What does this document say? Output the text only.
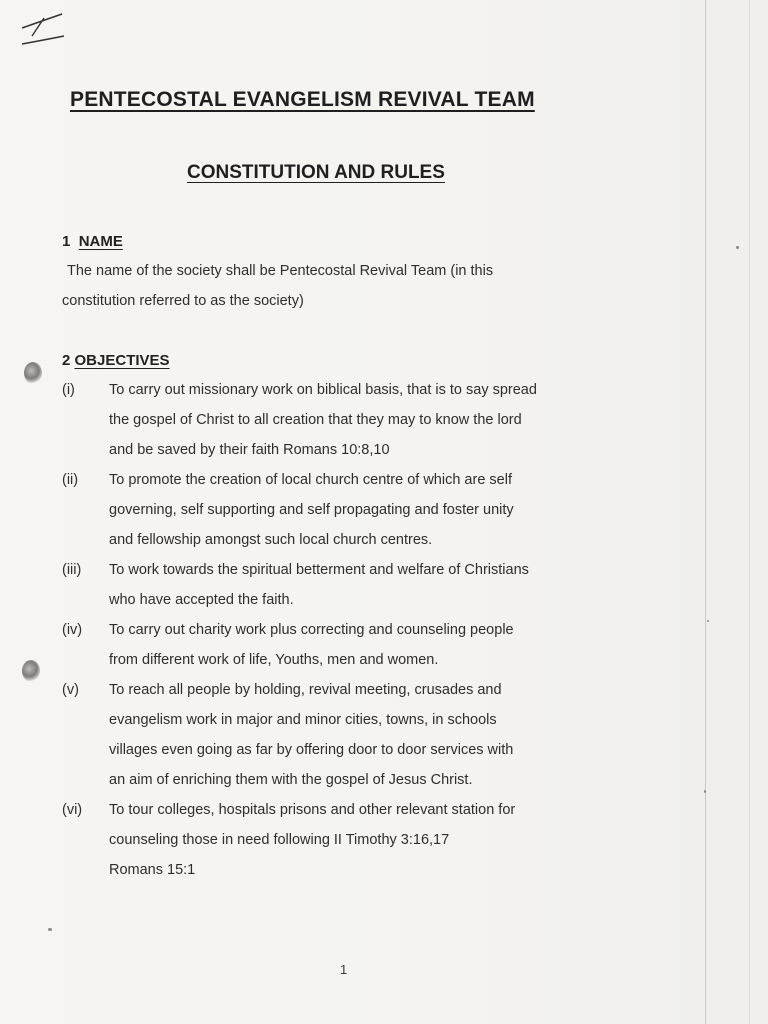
PENTECOSTAL EVANGELISM REVIVAL TEAM
CONSTITUTION AND RULES
1 NAME
The name of the society shall be Pentecostal Revival Team (in this
constitution referred to as the society)
2 OBJECTIVES
(i) To carry out missionary work on biblical basis, that is to say spread
the gospel of Christ to all creation that they may to know the lord
and be saved by their faith Romans 10:8,10
(ii) To promote the creation of local church centre of which are self
governing, self supporting and self propagating and foster unity
and fellowship amongst such local church centres.
(iii) To work towards the spiritual betterment and welfare of Christians
who have accepted the faith.
(iv) To carry out charity work plus correcting and counseling people
from different work of life, Youths, men and women.
(v) To reach all people by holding, revival meeting, crusades and
evangelism work in major and minor cities, towns, in schools
villages even going as far by offering door to door services with
an aim of enriching them with the gospel of Jesus Christ.
(vi) To tour colleges, hospitals prisons and other relevant station for
counseling those in need following II Timothy 3:16,17
Romans 15:1
1
